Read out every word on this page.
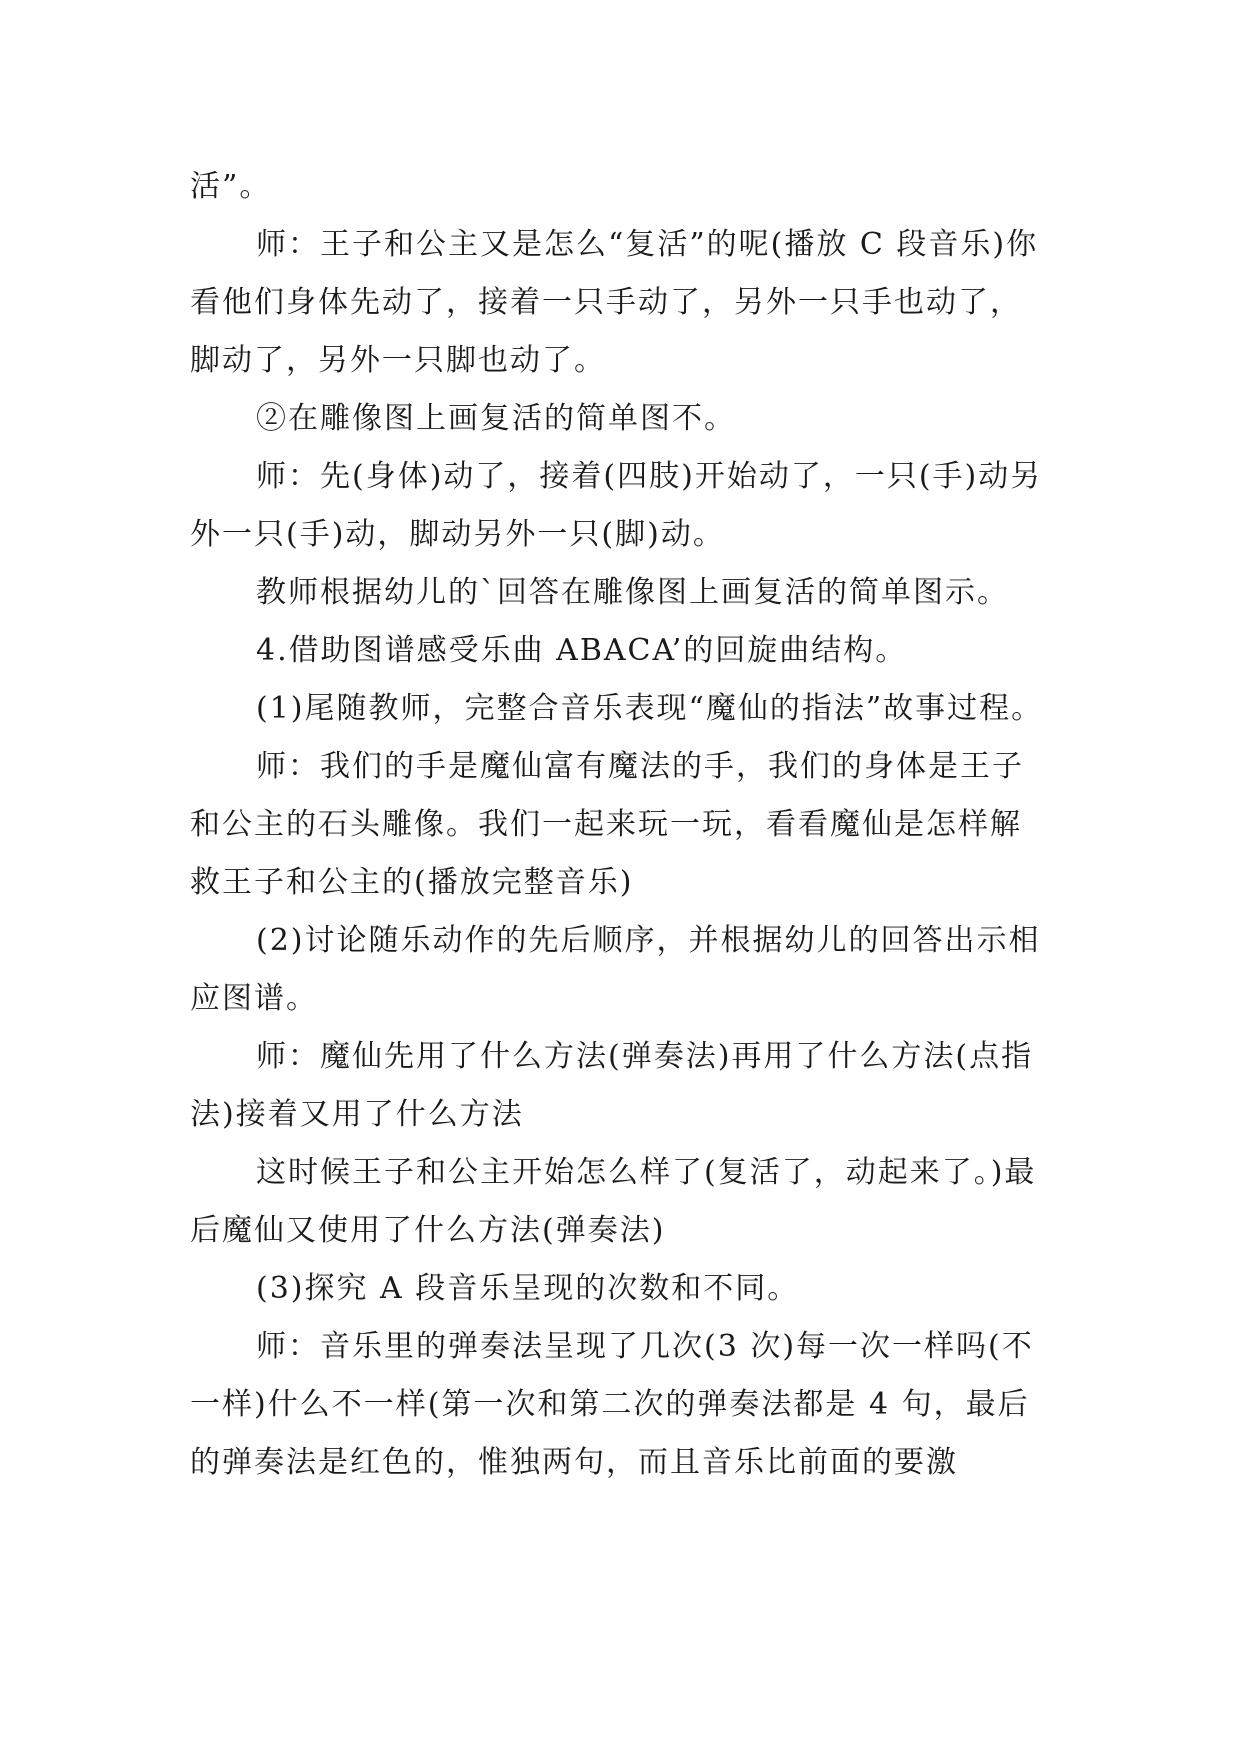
活”。

师：王子和公主又是怎么“复活”的呢(播放 C 段音乐)你看他们身体先动了，接着一只手动了，另外一只手也动了，脚动了，另外一只脚也动了。

②在雕像图上画复活的简单图不。

师：先(身体)动了，接着(四肢)开始动了，一只(手)动另外一只(手)动，脚动另外一只(脚)动。

教师根据幼儿的`回答在雕像图上画复活的简单图示。

4.借助图谱感受乐曲 ABACA’的回旋曲结构。

(1)尾随教师，完整合音乐表现“魔仙的指法”故事过程。

师：我们的手是魔仙富有魔法的手，我们的身体是王子和公主的石头雕像。我们一起来玩一玩，看看魔仙是怎样解救王子和公主的(播放完整音乐)

(2)讨论随乐动作的先后顺序，并根据幼儿的回答出示相应图谱。

师：魔仙先用了什么方法(弹奏法)再用了什么方法(点指法)接着又用了什么方法

这时候王子和公主开始怎么样了(复活了，动起来了。)最后魔仙又使用了什么方法(弹奏法)

(3)探究 A 段音乐呈现的次数和不同。

师：音乐里的弹奏法呈现了几次(3 次)每一次一样吗(不一样)什么不一样(第一次和第二次的弹奏法都是 4 句，最后的弹奏法是红色的，惟独两句，而且音乐比前面的要激
